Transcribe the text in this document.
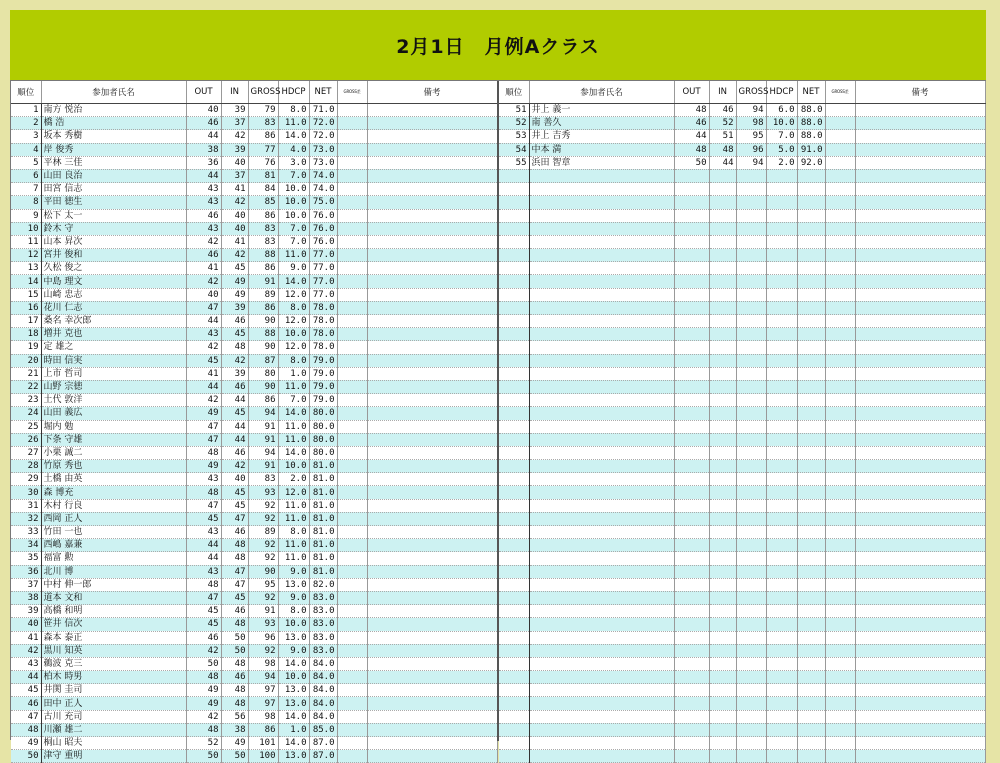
2月1日　月例Aクラス
順位	参加者氏名	OUT	IN	GROSS	HDCP	NET	GROSS差	備考
1	南方 悦治	40	39	79	8.0	71.0		
2	橋 浩	46	37	83	11.0	72.0		
3	坂本 秀樹	44	42	86	14.0	72.0		
4	岸 俊秀	38	39	77	4.0	73.0		
5	平林 三佳	36	40	76	3.0	73.0		
6	山田 良治	44	37	81	7.0	74.0		
7	田宮 信志	43	41	84	10.0	74.0		
8	平田 徳生	43	42	85	10.0	75.0		
9	松下 太一	46	40	86	10.0	76.0		
10	鈴木 守	43	40	83	7.0	76.0		
11	山本 昇次	42	41	83	7.0	76.0		
12	宮井 俊和	46	42	88	11.0	77.0		
13	久松 俊之	41	45	86	9.0	77.0		
14	中島 理文	42	49	91	14.0	77.0		
15	山崎 忠志	40	49	89	12.0	77.0		
16	花川 仁志	47	39	86	8.0	78.0		
17	桑名 幸次郎	44	46	90	12.0	78.0		
18	増井 克也	43	45	88	10.0	78.0		
19	定 雄之	42	48	90	12.0	78.0		
20	時田 信実	45	42	87	8.0	79.0		
21	上市 哲司	41	39	80	1.0	79.0		
22	山野 宗徳	44	46	90	11.0	79.0		
23	土代 敦洋	42	44	86	7.0	79.0		
24	山田 義広	49	45	94	14.0	80.0		
25	堀内 勉	47	44	91	11.0	80.0		
26	下条 守雄	47	44	91	11.0	80.0		
27	小栗 誠二	48	46	94	14.0	80.0		
28	竹原 秀也	49	42	91	10.0	81.0		
29	土橋 由英	43	40	83	2.0	81.0		
30	森 博充	48	45	93	12.0	81.0		
31	木村 行良	47	45	92	11.0	81.0		
32	西岡 正人	45	47	92	11.0	81.0		
33	竹田 一也	43	46	89	8.0	81.0		
34	西嶋 嘉兼	44	48	92	11.0	81.0		
35	福富 勲	44	48	92	11.0	81.0		
36	北川 博	43	47	90	9.0	81.0		
37	中村 伸一郎	48	47	95	13.0	82.0		
38	道本 文和	47	45	92	9.0	83.0		
39	高橋 和明	45	46	91	8.0	83.0		
40	笹井 信次	45	48	93	10.0	83.0		
41	森本 泰正	46	50	96	13.0	83.0		
42	黒川 知英	42	50	92	9.0	83.0		
43	鵜波 克三	50	48	98	14.0	84.0		
44	柏木 時男	48	46	94	10.0	84.0		
45	井関 圭司	49	48	97	13.0	84.0		
46	田中 正人	49	48	97	13.0	84.0		
47	古川 充司	42	56	98	14.0	84.0		
48	川瀬 雄二	48	38	86	1.0	85.0		
49	桐山 昭夫	52	49	101	14.0	87.0		
50	津守 重明	50	50	100	13.0	87.0		
順位	参加者氏名	OUT	IN	GROSS	HDCP	NET	GROSS差	備考
51	井上 義一	48	46	94	6.0	88.0		
52	南 善久	46	52	98	10.0	88.0		
53	井上 吉秀	44	51	95	7.0	88.0		
54	中本 満	48	48	96	5.0	91.0		
55	浜田 智章	50	44	94	2.0	92.0		
